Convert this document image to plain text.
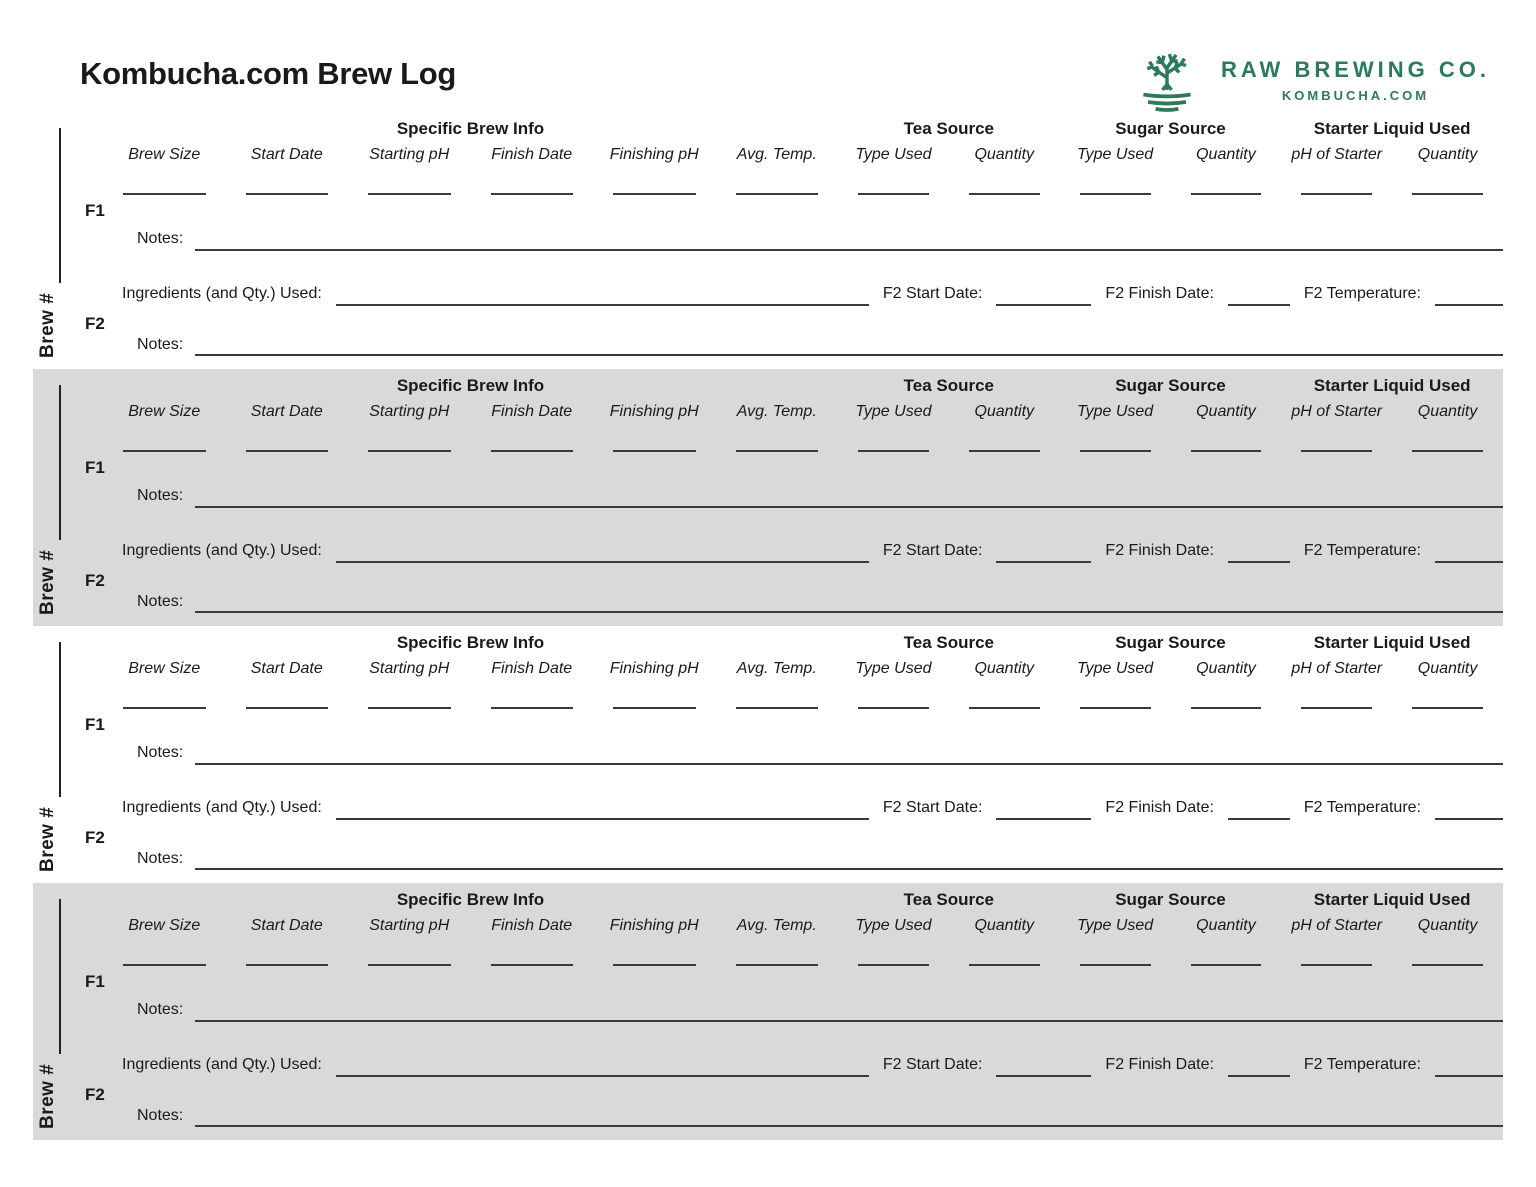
Kombucha.com Brew Log	RAW BREWING CO.
KOMBUCHA.COM
Brew #
Specific Brew Info	Tea Source	Sugar Source	Starter Liquid Used
Brew Size	Start Date	Starting pH	Finish Date	Finishing pH	Avg. Temp.	Type Used	Quantity	Type Used	Quantity	pH of Starter	Quantity
F1
Notes:
Ingredients (and Qty.) Used:	F2 Start Date:	F2 Finish Date:	F2 Temperature:
F2
Notes:
Brew #
Specific Brew Info	Tea Source	Sugar Source	Starter Liquid Used
Brew Size	Start Date	Starting pH	Finish Date	Finishing pH	Avg. Temp.	Type Used	Quantity	Type Used	Quantity	pH of Starter	Quantity
F1
Notes:
Ingredients (and Qty.) Used:	F2 Start Date:	F2 Finish Date:	F2 Temperature:
F2
Notes:
Brew #
Specific Brew Info	Tea Source	Sugar Source	Starter Liquid Used
Brew Size	Start Date	Starting pH	Finish Date	Finishing pH	Avg. Temp.	Type Used	Quantity	Type Used	Quantity	pH of Starter	Quantity
F1
Notes:
Ingredients (and Qty.) Used:	F2 Start Date:	F2 Finish Date:	F2 Temperature:
F2
Notes:
Brew #
Specific Brew Info	Tea Source	Sugar Source	Starter Liquid Used
Brew Size	Start Date	Starting pH	Finish Date	Finishing pH	Avg. Temp.	Type Used	Quantity	Type Used	Quantity	pH of Starter	Quantity
F1
Notes:
Ingredients (and Qty.) Used:	F2 Start Date:	F2 Finish Date:	F2 Temperature:
F2
Notes:
